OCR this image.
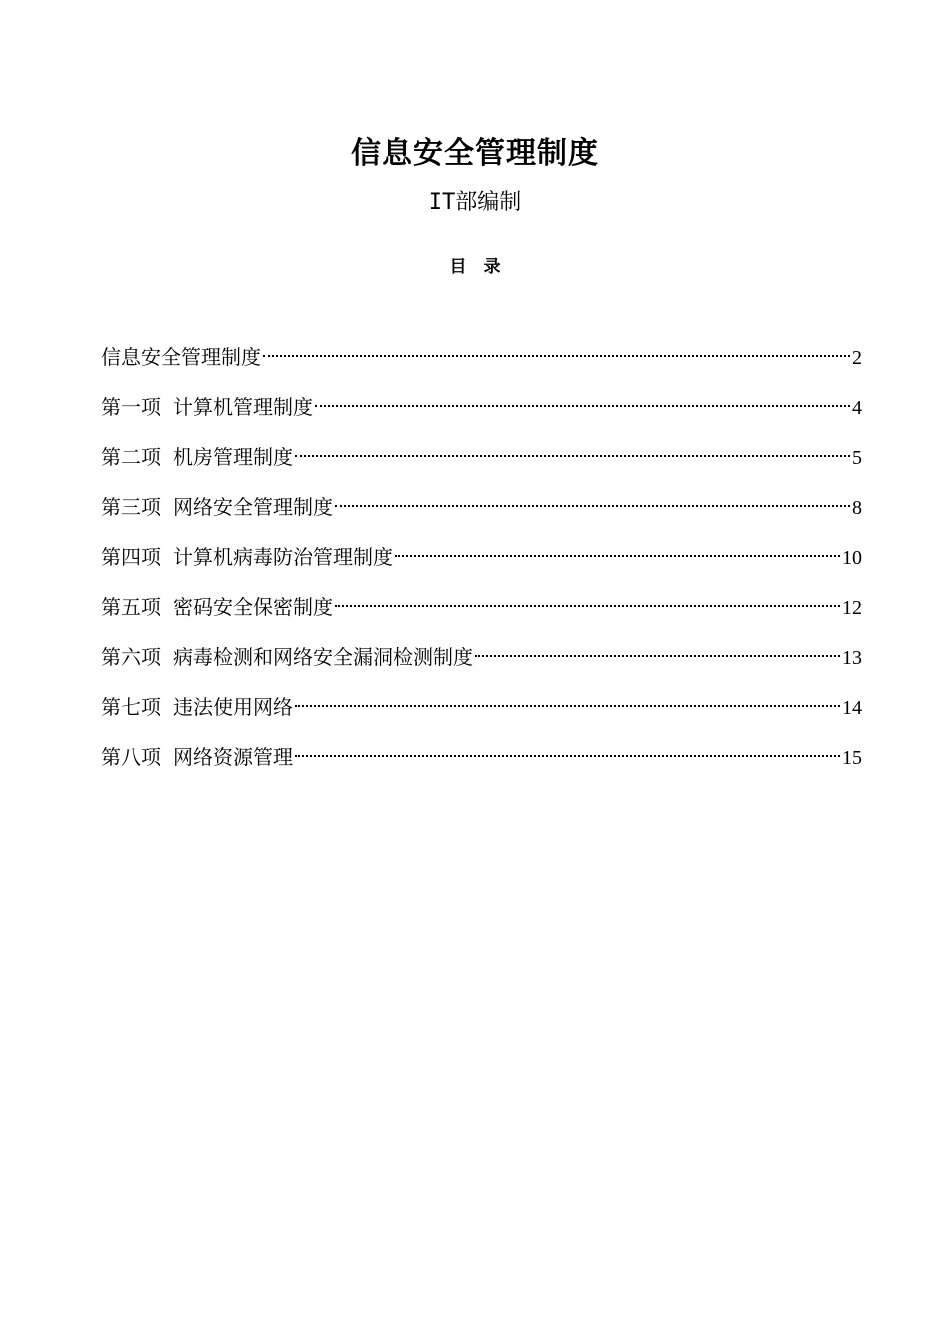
信息安全管理制度
IT部编制
目　录
信息安全管理制度	2
第一项 计算机管理制度	4
第二项 机房管理制度	5
第三项 网络安全管理制度	8
第四项 计算机病毒防治管理制度	10
第五项 密码安全保密制度	12
第六项 病毒检测和网络安全漏洞检测制度	13
第七项 违法使用网络	14
第八项 网络资源管理	15
